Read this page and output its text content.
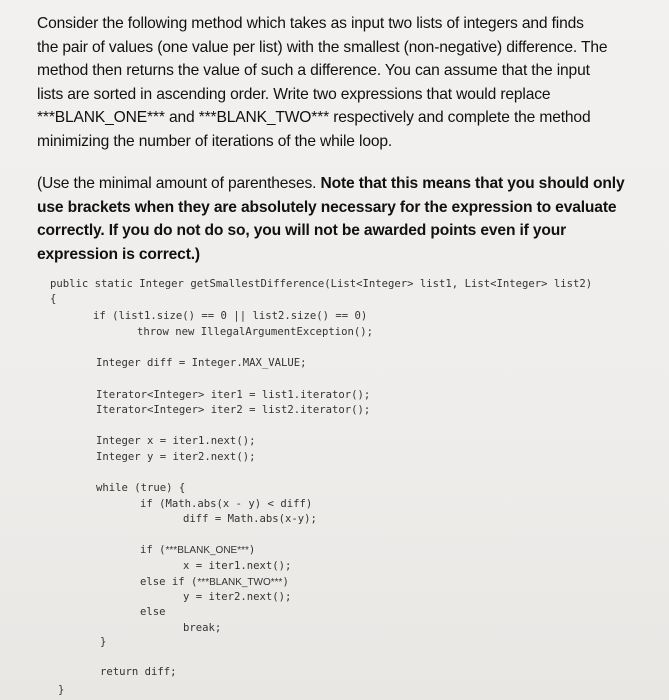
Consider the following method which takes as input two lists of integers and finds
the pair of values (one value per list) with the smallest (non-negative) difference. The
method then returns the value of such a difference. You can assume that the input
lists are sorted in ascending order. Write two expressions that would replace
***BLANK_ONE*** and ***BLANK_TWO*** respectively and complete the method
minimizing the number of iterations of the while loop.
(Use the minimal amount of parentheses. Note that this means that you should only
use brackets when they are absolutely necessary for the expression to evaluate
correctly. If you do not do so, you will not be awarded points even if your
expression is correct.)
public static Integer getSmallestDifference(List<Integer> list1, List<Integer> list2)
{
if (list1.size() == 0 || list2.size() == 0)
throw new IllegalArgumentException();
Integer diff = Integer.MAX_VALUE;
Iterator<Integer> iter1 = list1.iterator();
Iterator<Integer> iter2 = list2.iterator();
Integer x = iter1.next();
Integer y = iter2.next();
while (true) {
if (Math.abs(x - y) < diff)
diff = Math.abs(x-y);
if (***BLANK_ONE***)
x = iter1.next();
else if (***BLANK_TWO***)
y = iter2.next();
else
break;
}
return diff;
}
